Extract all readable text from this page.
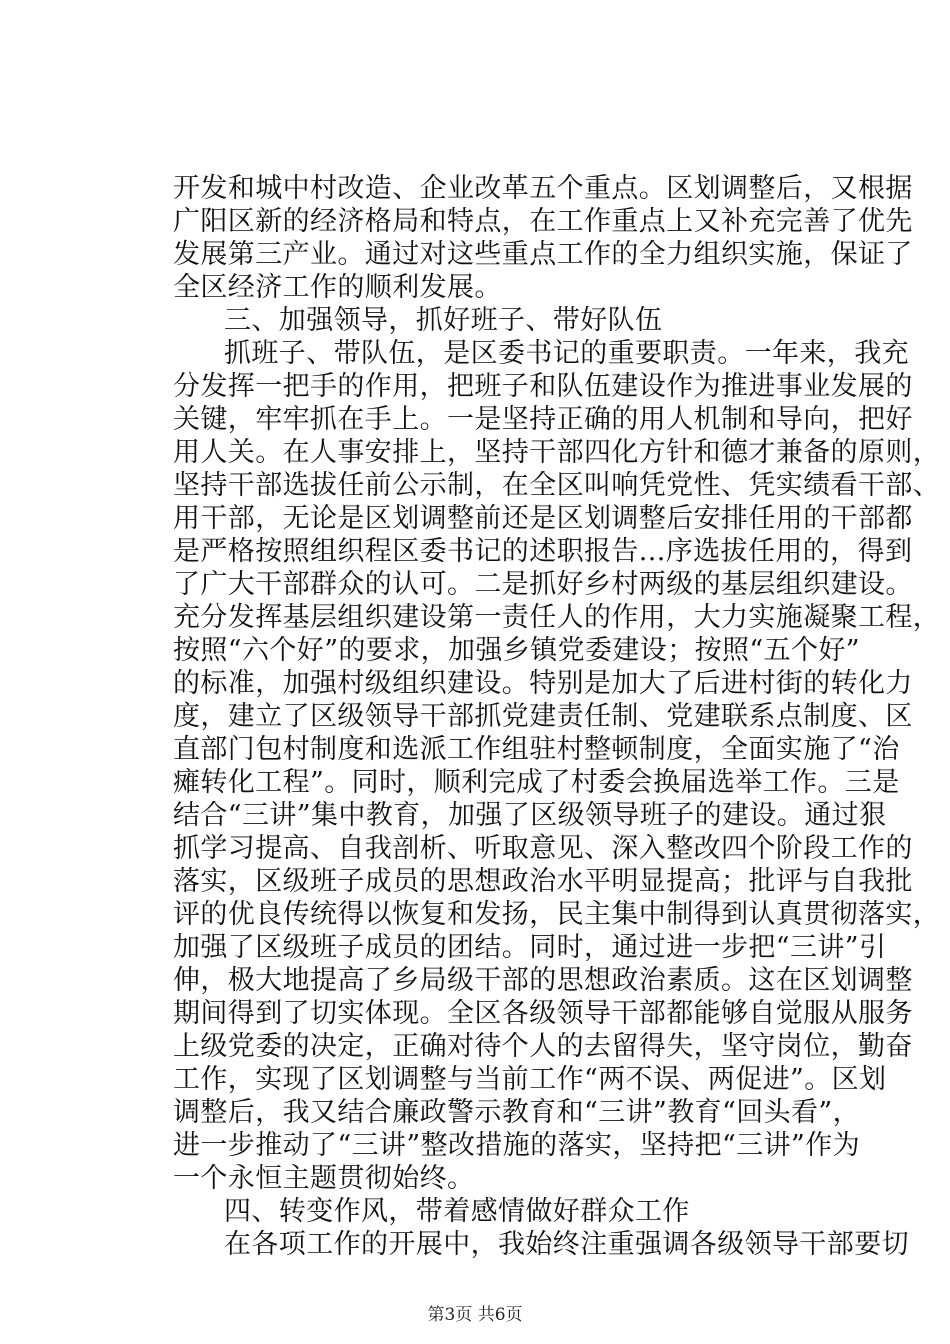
开发和城中村改造、企业改革五个重点。区划调整后，又根据
广阳区新的经济格局和特点，在工作重点上又补充完善了优先
发展第三产业。通过对这些重点工作的全力组织实施，保证了
全区经济工作的顺利发展。
三、加强领导，抓好班子、带好队伍
抓班子、带队伍，是区委书记的重要职责。一年来，我充
分发挥一把手的作用，把班子和队伍建设作为推进事业发展的
关键，牢牢抓在手上。一是坚持正确的用人机制和导向，把好
用人关。在人事安排上，坚持干部四化方针和德才兼备的原则，
坚持干部选拔任前公示制，在全区叫响凭党性、凭实绩看干部、
用干部，无论是区划调整前还是区划调整后安排任用的干部都
是严格按照组织程区委书记的述职报告...序选拔任用的，得到
了广大干部群众的认可。二是抓好乡村两级的基层组织建设。
充分发挥基层组织建设第一责任人的作用，大力实施凝聚工程，
按照“六个好”的要求，加强乡镇党委建设；按照“五个好”
的标准，加强村级组织建设。特别是加大了后进村街的转化力
度，建立了区级领导干部抓党建责任制、党建联系点制度、区
直部门包村制度和选派工作组驻村整顿制度，全面实施了“治
瘫转化工程”。同时，顺利完成了村委会换届选举工作。三是
结合“三讲”集中教育，加强了区级领导班子的建设。通过狠
抓学习提高、自我剖析、听取意见、深入整改四个阶段工作的
落实，区级班子成员的思想政治水平明显提高；批评与自我批
评的优良传统得以恢复和发扬，民主集中制得到认真贯彻落实，
加强了区级班子成员的团结。同时，通过进一步把“三讲”引
伸，极大地提高了乡局级干部的思想政治素质。这在区划调整
期间得到了切实体现。全区各级领导干部都能够自觉服从服务
上级党委的决定，正确对待个人的去留得失，坚守岗位，勤奋
工作，实现了区划调整与当前工作“两不误、两促进”。区划
调整后，我又结合廉政警示教育和“三讲”教育“回头看”，
进一步推动了“三讲”整改措施的落实，坚持把“三讲”作为
一个永恒主题贯彻始终。
四、转变作风，带着感情做好群众工作
在各项工作的开展中，我始终注重强调各级领导干部要切
第3页 共6页
